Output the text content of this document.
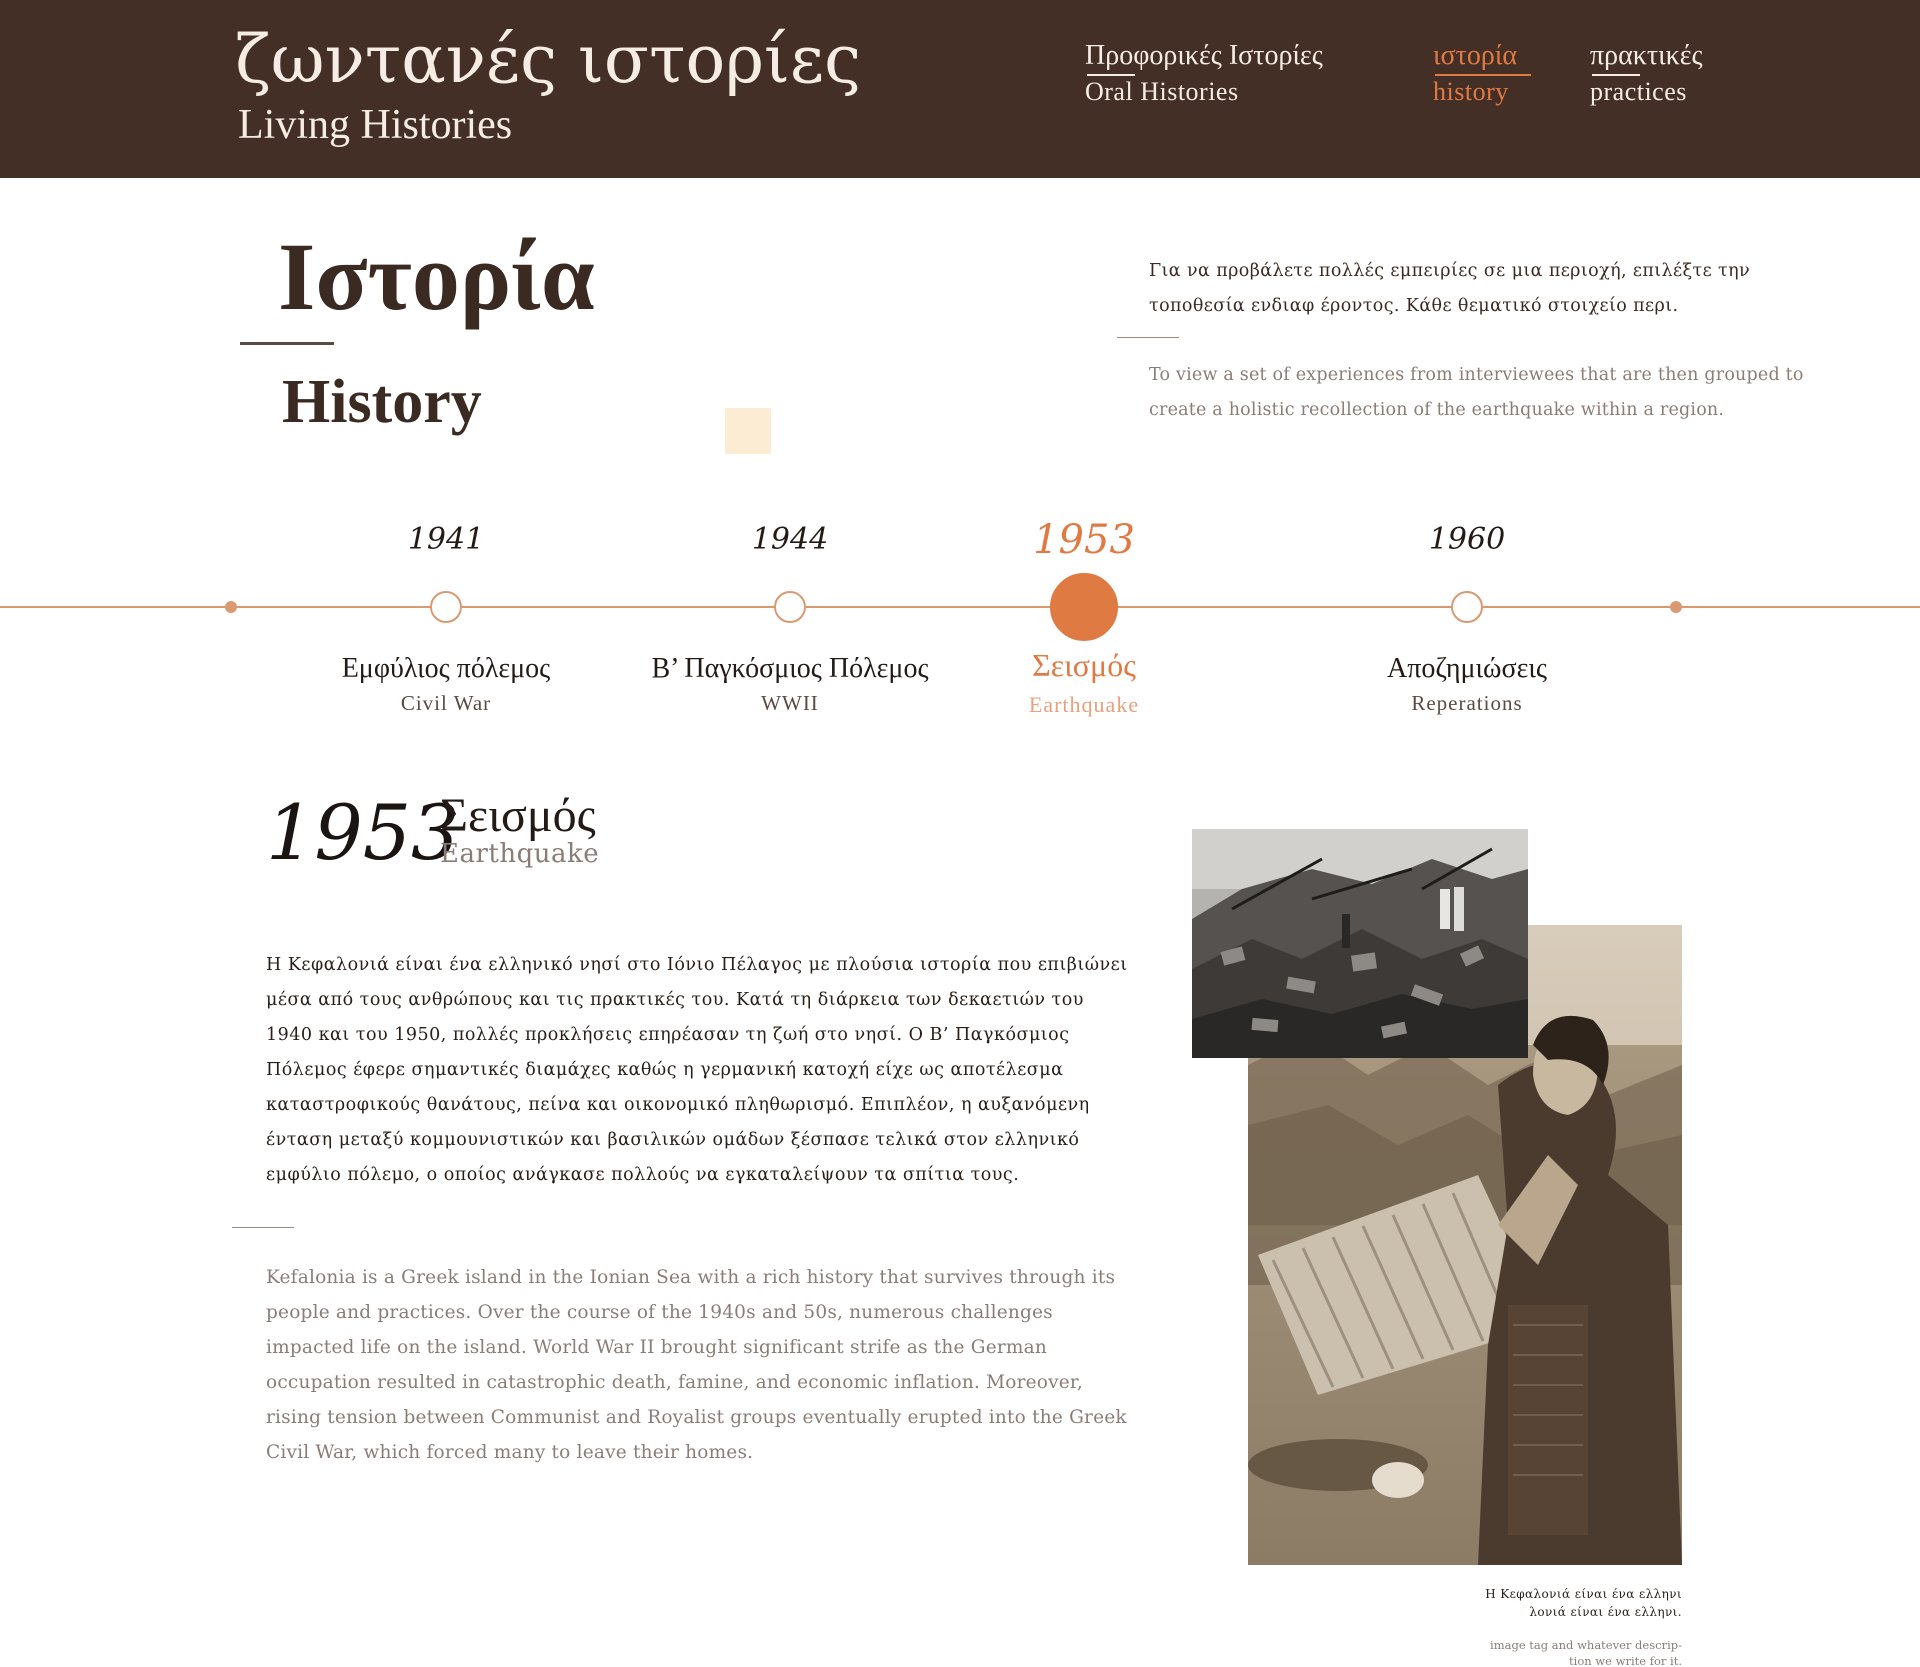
ζωντανές ιστορίες
Living Histories
Προφορικές Ιστορίες
Oral Histories
ιστορία
history
πρακτικές
practices
Ιστορία
History

Για να προβάλετε πολλές εμπειρίες σε μια περιοχή, επιλέξτε την τοποθεσία ενδιαφ έροντος. Κάθε θεματικό στοιχείο περι.

To view a set of experiences from interviewees that are then grouped to create a holistic recollection of the earthquake within a region.

1941
Εμφύλιος πόλεμος
Civil War
1944
Β’ Παγκόσμιος Πόλεμος
WWII
1953
Σεισμός
Earthquake
1960
Αποζημιώσεις
Reperations
1953
Σεισμός
Earthquake

Η Κεφαλονιά είναι ένα ελληνικό νησί στο Ιόνιο Πέλαγος με πλούσια ιστορία που επιβιώνει μέσα από τους ανθρώπους και τις πρακτικές του. Κατά τη διάρκεια των δεκαετιών του 1940 και του 1950, πολλές προκλήσεις επηρέασαν τη ζωή στο νησί. Ο Β’ Παγκόσμιος Πόλεμος έφερε σημαντικές διαμάχες καθώς η γερμανική κατοχή είχε ως αποτέλεσμα καταστροφικούς θανάτους, πείνα και οικονομικό πληθωρισμό. Επιπλέον, η αυξανόμενη ένταση μεταξύ κομμουνιστικών και βασιλικών ομάδων ξέσπασε τελικά στον ελληνικό εμφύλιο πόλεμο, ο οποίος ανάγκασε πολλούς να εγκαταλείψουν τα σπίτια τους.

Kefalonia is a Greek island in the Ionian Sea with a rich history that survives through its people and practices. Over the course of the 1940s and 50s, numerous challenges impacted life on the island. World War II brought significant strife as the German occupation resulted in catastrophic death, famine, and economic inflation. Moreover, rising tension between Communist and Royalist groups eventually erupted into the Greek Civil War, which forced many to leave their homes.

Η Κεφαλονιά είναι ένα ελληνι
λονιά είναι ένα ελληνι.
image tag and whatever descrip-
tion we write for it.
